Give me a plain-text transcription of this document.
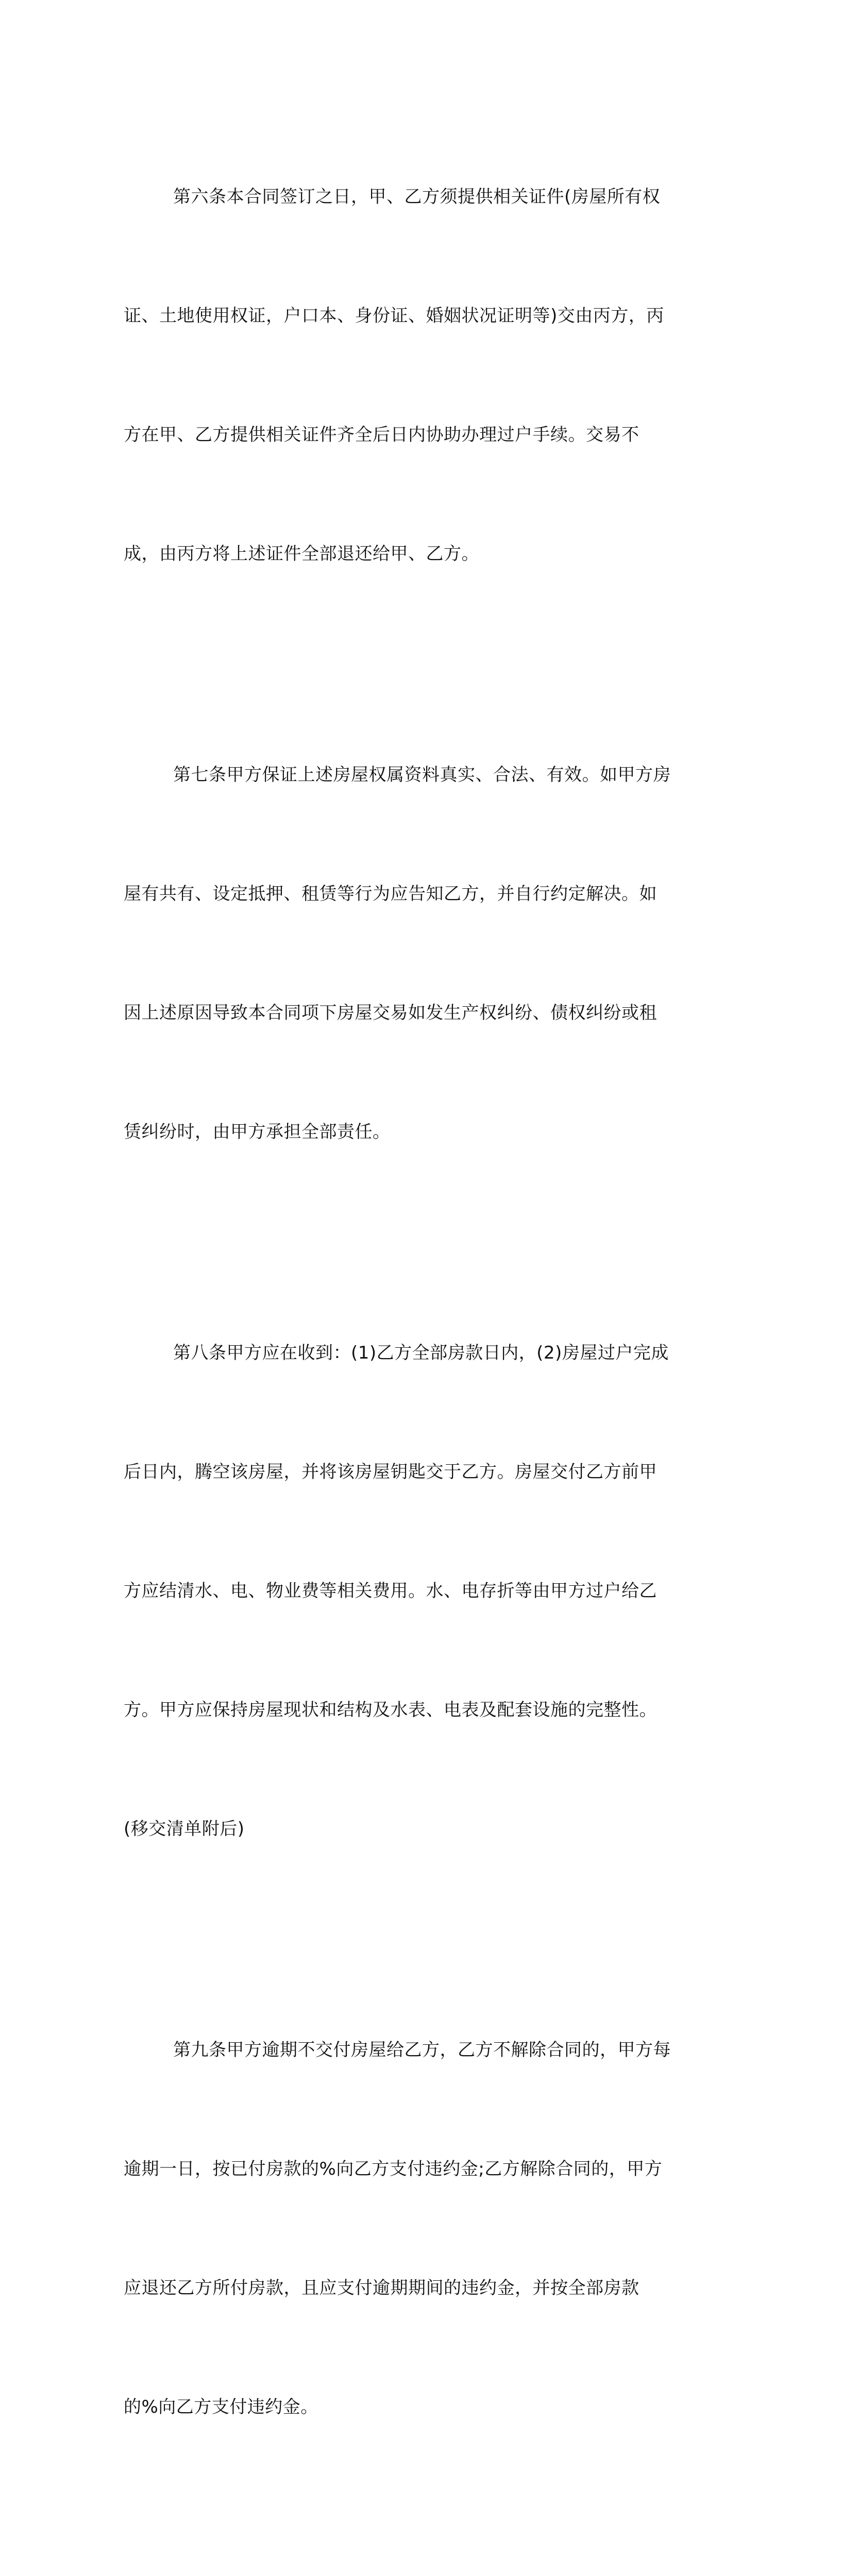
第六条本合同签订之日，甲、乙方须提供相关证件(房屋所有权

证、土地使用权证，户口本、身份证、婚姻状况证明等)交由丙方，丙

方在甲、乙方提供相关证件齐全后日内协助办理过户手续。交易不

成，由丙方将上述证件全部退还给甲、乙方。

第七条甲方保证上述房屋权属资料真实、合法、有效。如甲方房

屋有共有、设定抵押、租赁等行为应告知乙方，并自行约定解决。如

因上述原因导致本合同项下房屋交易如发生产权纠纷、债权纠纷或租

赁纠纷时，由甲方承担全部责任。

第八条甲方应在收到：(1)乙方全部房款日内，(2)房屋过户完成

后日内，腾空该房屋，并将该房屋钥匙交于乙方。房屋交付乙方前甲

方应结清水、电、物业费等相关费用。水、电存折等由甲方过户给乙

方。甲方应保持房屋现状和结构及水表、电表及配套设施的完整性。

(移交清单附后)

第九条甲方逾期不交付房屋给乙方，乙方不解除合同的，甲方每

逾期一日，按已付房款的%向乙方支付违约金;乙方解除合同的，甲方

应退还乙方所付房款，且应支付逾期期间的违约金，并按全部房款

的%向乙方支付违约金。
